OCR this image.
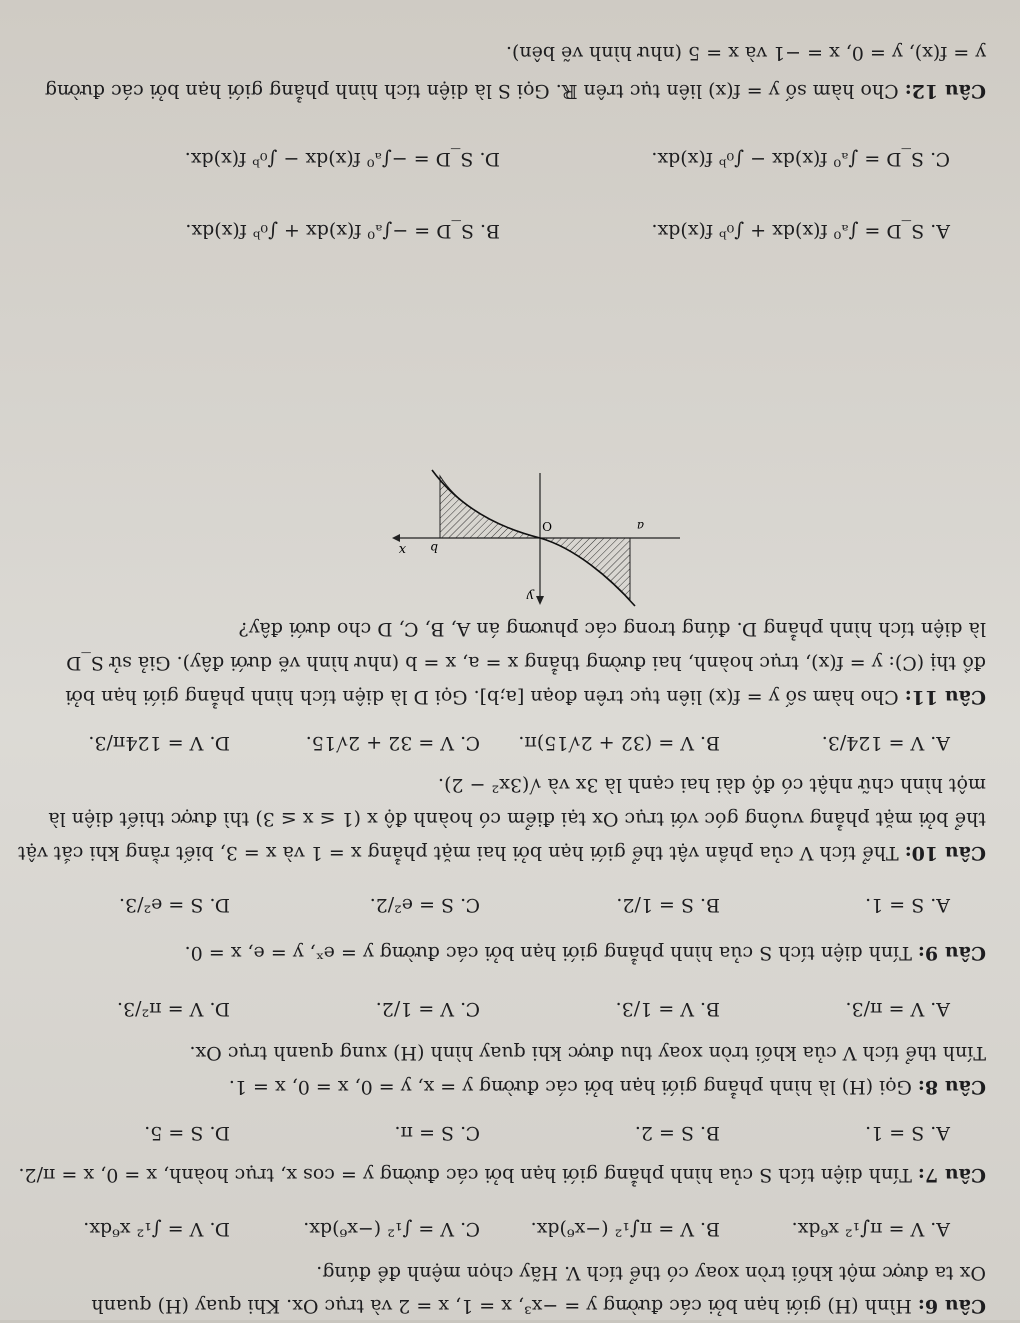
Câu 6: Hình (H) giới hạn bởi các đường y = −x³, x = 1, x = 2 và trục Ox. Khi quay (H) quanh
Ox ta được một khối tròn xoay có thể tích V. Hãy chọn mệnh đề đúng.
A. V = π∫₁² x⁶dx.
B. V = π∫₁² (−x⁶)dx.
C. V = ∫₁² (−x⁶)dx.
D. V = ∫₁² x⁶dx.
Câu 7: Tính diện tích S của hình phẳng giới hạn bởi các đường y = cos x, trục hoành, x = 0, x = π/2.
A. S = 1.
B. S = 2.
C. S = π.
D. S = 5.
Câu 8: Gọi (H) là hình phẳng giới hạn bởi các đường y = x, y = 0, x = 0, x = 1.
Tính thể tích V của khối tròn xoay thu được khi quay hình (H) xung quanh trục Ox.
A. V = π/3.
B. V = 1/3.
C. V = 1/2.
D. V = π²/3.
Câu 9: Tính diện tích S của hình phẳng giới hạn bởi các đường y = eˣ, y = e, x = 0.
A. S = 1.
B. S = 1/2.
C. S = e²/2.
D. S = e²/3.
Câu 10: Thể tích V của phần vật thể giới hạn bởi hai mặt phẳng x = 1 và x = 3, biết rằng khi cắt vật
thể bởi mặt phẳng vuông góc với trục Ox tại điểm có hoành độ x (1 ≤ x ≤ 3) thì được thiết diện là
một hình chữ nhật có độ dài hai cạnh là 3x và √(3x² − 2).
A. V = 124/3.
B. V = (32 + 2√15)π.
C. V = 32 + 2√15.
D. V = 124π/3.
Câu 11: Cho hàm số y = f(x) liên tục trên đoạn [a;b]. Gọi D là diện tích hình phẳng giới hạn bởi
đồ thị (C): y = f(x), trục hoành, hai đường thẳng x = a, x = b (như hình vẽ dưới đây). Giả sử S_D
là diện tích hình phẳng D. đúng trong các phương án A, B, C, D cho dưới đây?
y
x
O	a
b
A. S_D = ∫ₐ⁰ f(x)dx + ∫₀ᵇ f(x)dx.
B. S_D = −∫ₐ⁰ f(x)dx + ∫₀ᵇ f(x)dx.
C. S_D = ∫ₐ⁰ f(x)dx − ∫₀ᵇ f(x)dx.
D. S_D = −∫ₐ⁰ f(x)dx − ∫₀ᵇ f(x)dx.
Câu 12: Cho hàm số y = f(x) liên tục trên ℝ. Gọi S là diện tích hình phẳng giới hạn bởi các đường
y = f(x), y = 0, x = −1 và x = 5 (như hình vẽ bên).
